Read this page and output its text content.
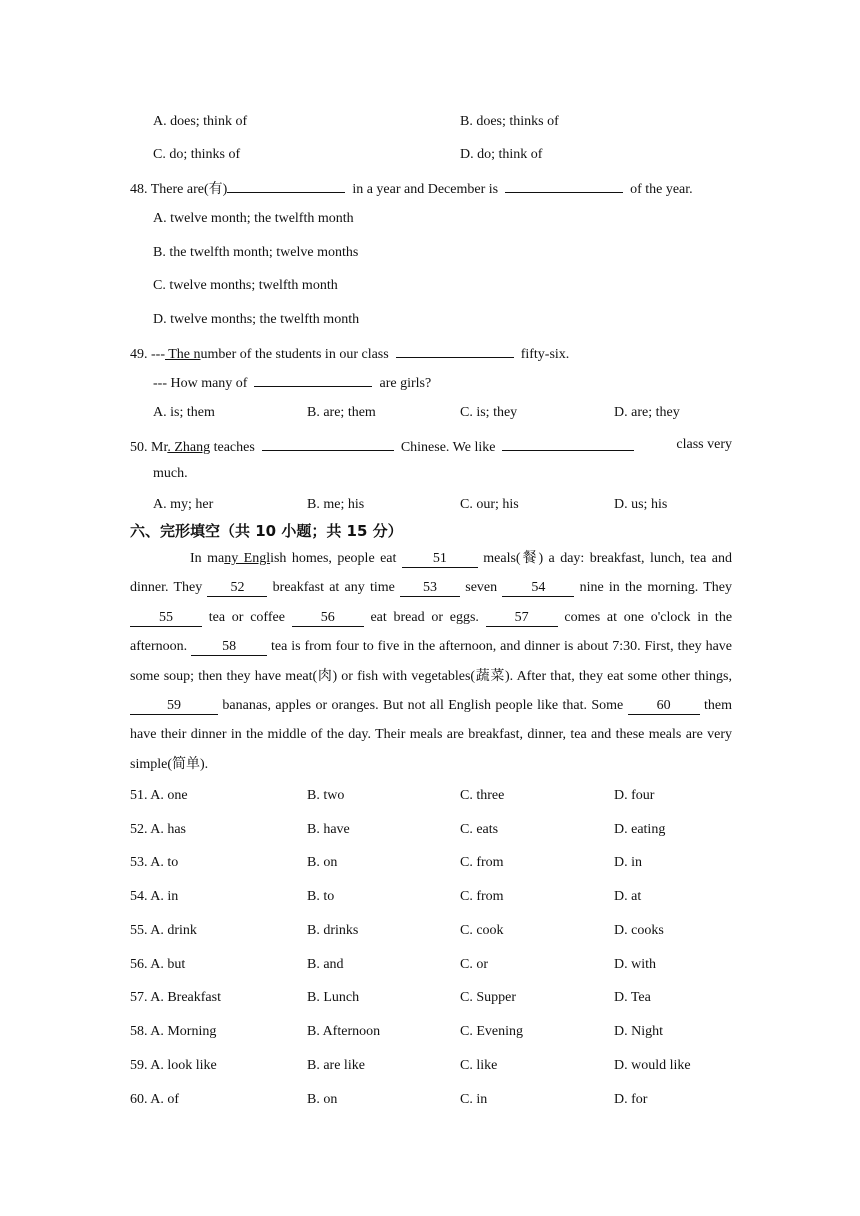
A. does; think of	B. does; thinks of
C. do; thinks of	D. do; think of
48. There are(有)	in a year and December is	of the year.
A. twelve month; the twelfth month
B. the twelfth month; twelve months
C. twelve months; twelfth month
D. twelve months; the twelfth month
49. --- The number of the students in our class	fifty-six.
--- How many of	are girls?
A. is; them	B. are; them	C. is; they	D. are; they
50. Mr. Zhang teaches	Chinese. We like	class very
much.
A. my; her	B. me; his	C. our; his	D. us; his
六、完形填空（共 10 小题；共 15 分）

In many English homes, people eat	51	meals(餐) a day: breakfast, lunch, tea and dinner. They 52 breakfast at any time 53 seven 54 nine in the morning. They 55	tea or coffee	56	eat bread or eggs.	57	comes at one o'clock in the afternoon. 58 tea is from four to five in the afternoon, and dinner is about 7:30. First, they have some soup; then they have meat(肉) or fish with vegetables(蔬菜). After that, they eat some other things, 59	bananas, apples or oranges. But not all English people like that. Some 60 them have their dinner in the middle of the day. Their meals are breakfast, dinner, tea and these meals are very simple(简单).

51. A. one	B. two	C. three	D. four
52. A. has	B. have	C. eats	D. eating
53. A. to	B. on	C. from	D. in
54. A. in	B. to	C. from	D. at
55. A. drink	B. drinks	C. cook	D. cooks
56. A. but	B. and	C. or	D. with
57. A. Breakfast	B. Lunch	C. Supper	D. Tea
58. A. Morning	B. Afternoon	C. Evening	D. Night
59. A. look like	B. are like	C. like	D. would like
60. A. of	B. on	C. in	D. for
